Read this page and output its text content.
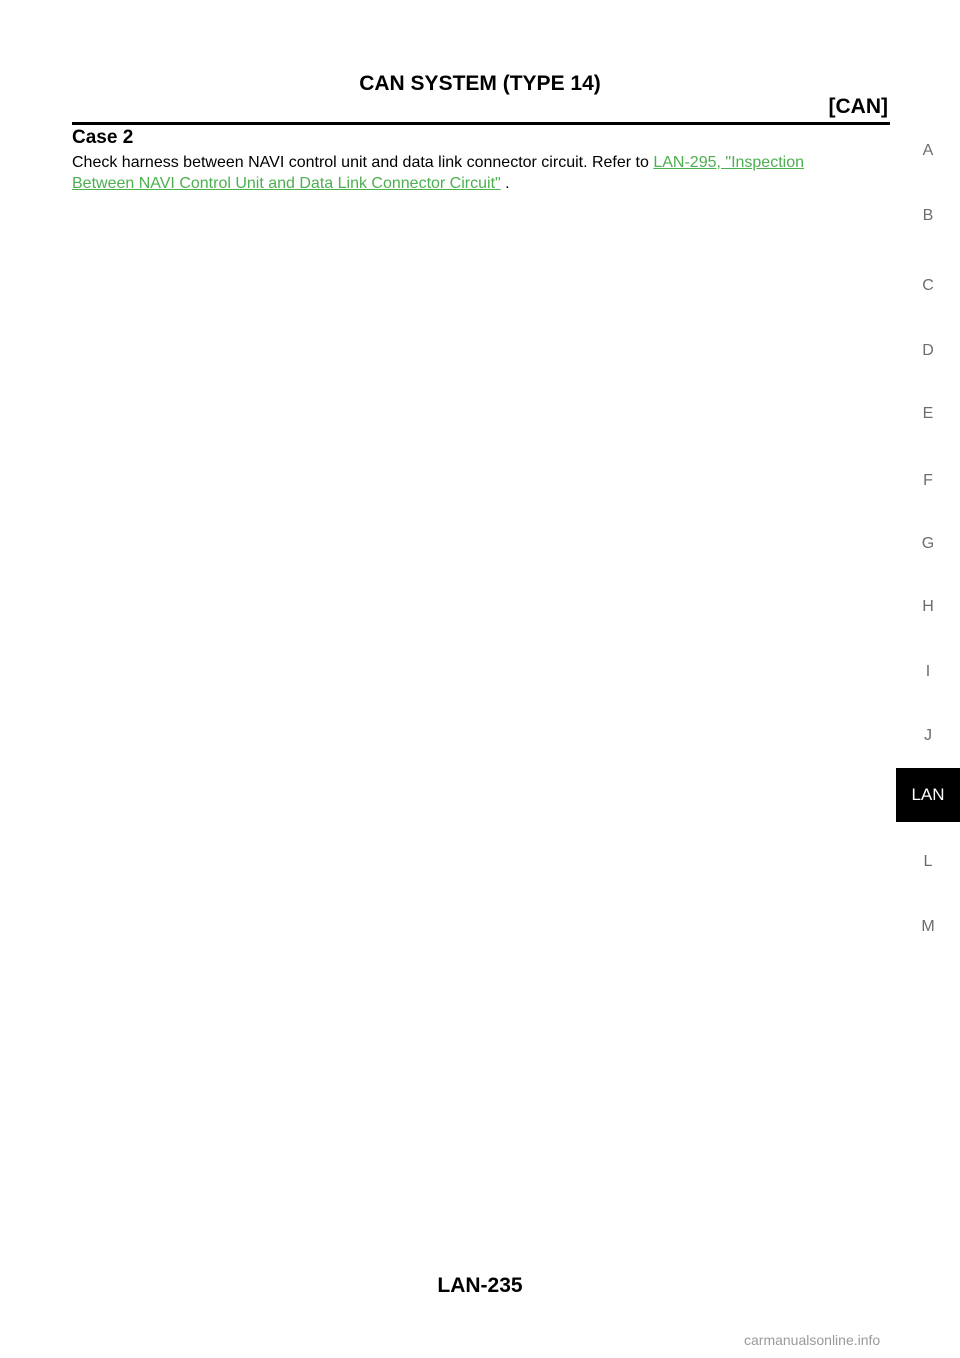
CAN SYSTEM (TYPE 14)
[CAN]
Case 2
Check harness between NAVI control unit and data link connector circuit. Refer to LAN-295, "Inspection
Between NAVI Control Unit and Data Link Connector Circuit" .
A
B
C
D
E
F
G
H
I
J
LAN
L
M
LAN-235
carmanualsonline.info
